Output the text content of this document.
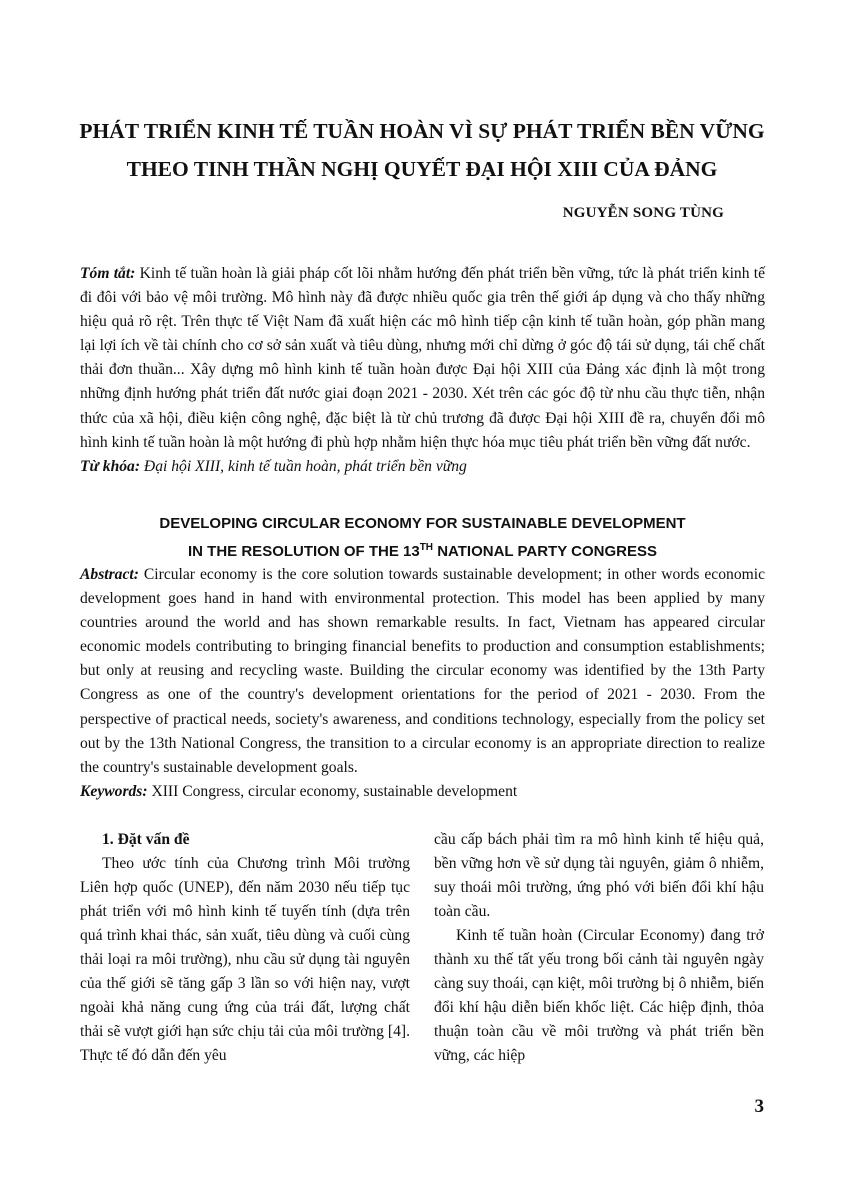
PHÁT TRIỂN KINH TẾ TUẦN HOÀN VÌ SỰ PHÁT TRIỂN BỀN VỮNG
THEO TINH THẦN NGHỊ QUYẾT ĐẠI HỘI XIII CỦA ĐẢNG
NGUYỄN SONG TÙNG

Tóm tắt: Kinh tế tuần hoàn là giải pháp cốt lõi nhằm hướng đến phát triển bền vững, tức là phát triển kinh tế đi đôi với bảo vệ môi trường. Mô hình này đã được nhiều quốc gia trên thế giới áp dụng và cho thấy những hiệu quả rõ rệt. Trên thực tế Việt Nam đã xuất hiện các mô hình tiếp cận kinh tế tuần hoàn, góp phần mang lại lợi ích về tài chính cho cơ sở sản xuất và tiêu dùng, nhưng mới chỉ dừng ở góc độ tái sử dụng, tái chế chất thải đơn thuần... Xây dựng mô hình kinh tế tuần hoàn được Đại hội XIII của Đảng xác định là một trong những định hướng phát triển đất nước giai đoạn 2021 - 2030. Xét trên các góc độ từ nhu cầu thực tiễn, nhận thức của xã hội, điều kiện công nghệ, đặc biệt là từ chủ trương đã được Đại hội XIII đề ra, chuyển đổi mô hình kinh tế tuần hoàn là một hướng đi phù hợp nhằm hiện thực hóa mục tiêu phát triển bền vững đất nước.

Từ khóa: Đại hội XIII, kinh tế tuần hoàn, phát triển bền vững

DEVELOPING CIRCULAR ECONOMY FOR SUSTAINABLE DEVELOPMENT
IN THE RESOLUTION OF THE 13TH NATIONAL PARTY CONGRESS

Abstract: Circular economy is the core solution towards sustainable development; in other words economic development goes hand in hand with environmental protection. This model has been applied by many countries around the world and has shown remarkable results. In fact, Vietnam has appeared circular economic models contributing to bringing financial benefits to production and consumption establishments; but only at reusing and recycling waste. Building the circular economy was identified by the 13th Party Congress as one of the country's development orientations for the period of 2021 - 2030. From the perspective of practical needs, society's awareness, and conditions technology, especially from the policy set out by the 13th National Congress, the transition to a circular economy is an appropriate direction to realize the country's sustainable development goals.

Keywords: XIII Congress, circular economy, sustainable development

1. Đặt vấn đề

Theo ước tính của Chương trình Môi trường Liên hợp quốc (UNEP), đến năm 2030 nếu tiếp tục phát triển với mô hình kinh tế tuyến tính (dựa trên quá trình khai thác, sản xuất, tiêu dùng và cuối cùng thải loại ra môi trường), nhu cầu sử dụng tài nguyên của thế giới sẽ tăng gấp 3 lần so với hiện nay, vượt ngoài khả năng cung ứng của trái đất, lượng chất thải sẽ vượt giới hạn sức chịu tải của môi trường [4]. Thực tế đó dẫn đến yêu

cầu cấp bách phải tìm ra mô hình kinh tế hiệu quả, bền vững hơn về sử dụng tài nguyên, giảm ô nhiễm, suy thoái môi trường, ứng phó với biến đổi khí hậu toàn cầu.

Kinh tế tuần hoàn (Circular Economy) đang trở thành xu thế tất yếu trong bối cảnh tài nguyên ngày càng suy thoái, cạn kiệt, môi trường bị ô nhiễm, biến đổi khí hậu diễn biến khốc liệt. Các hiệp định, thỏa thuận toàn cầu về môi trường và phát triển bền vững, các hiệp

3
